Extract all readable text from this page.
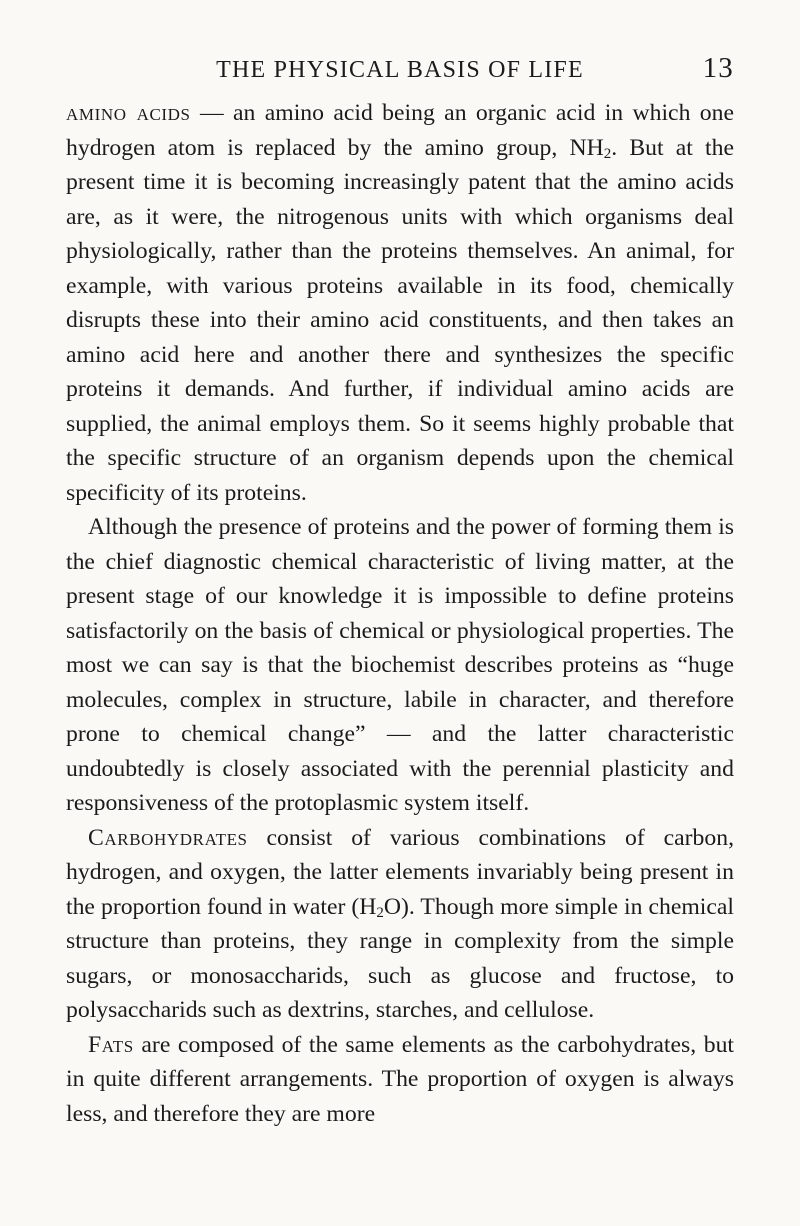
THE PHYSICAL BASIS OF LIFE	13

amino acids — an amino acid being an organic acid in which one hydrogen atom is replaced by the amino group, $NH_2$. But at the present time it is becoming increasingly patent that the amino acids are, as it were, the nitrogenous units with which organisms deal physiologically, rather than the proteins themselves. An animal, for example, with various proteins available in its food, chemically disrupts these into their amino acid constituents, and then takes an amino acid here and another there and synthesizes the specific proteins it demands. And further, if individual amino acids are supplied, the animal employs them. So it seems highly probable that the specific structure of an organism depends upon the chemical specificity of its proteins.

Although the presence of proteins and the power of forming them is the chief diagnostic chemical characteristic of living matter, at the present stage of our knowledge it is impossible to define proteins satisfactorily on the basis of chemical or physiological properties. The most we can say is that the biochemist describes proteins as “huge molecules, complex in structure, labile in character, and therefore prone to chemical change” — and the latter characteristic undoubtedly is closely associated with the perennial plasticity and responsiveness of the protoplasmic system itself.

Carbohydrates consist of various combinations of carbon, hydrogen, and oxygen, the latter elements invariably being present in the proportion found in water $(H_2O)$. Though more simple in chemical structure than proteins, they range in complexity from the simple sugars, or monosaccharids, such as glucose and fructose, to polysaccharids such as dextrins, starches, and cellulose.

Fats are composed of the same elements as the carbohydrates, but in quite different arrangements. The proportion of oxygen is always less, and therefore they are more
